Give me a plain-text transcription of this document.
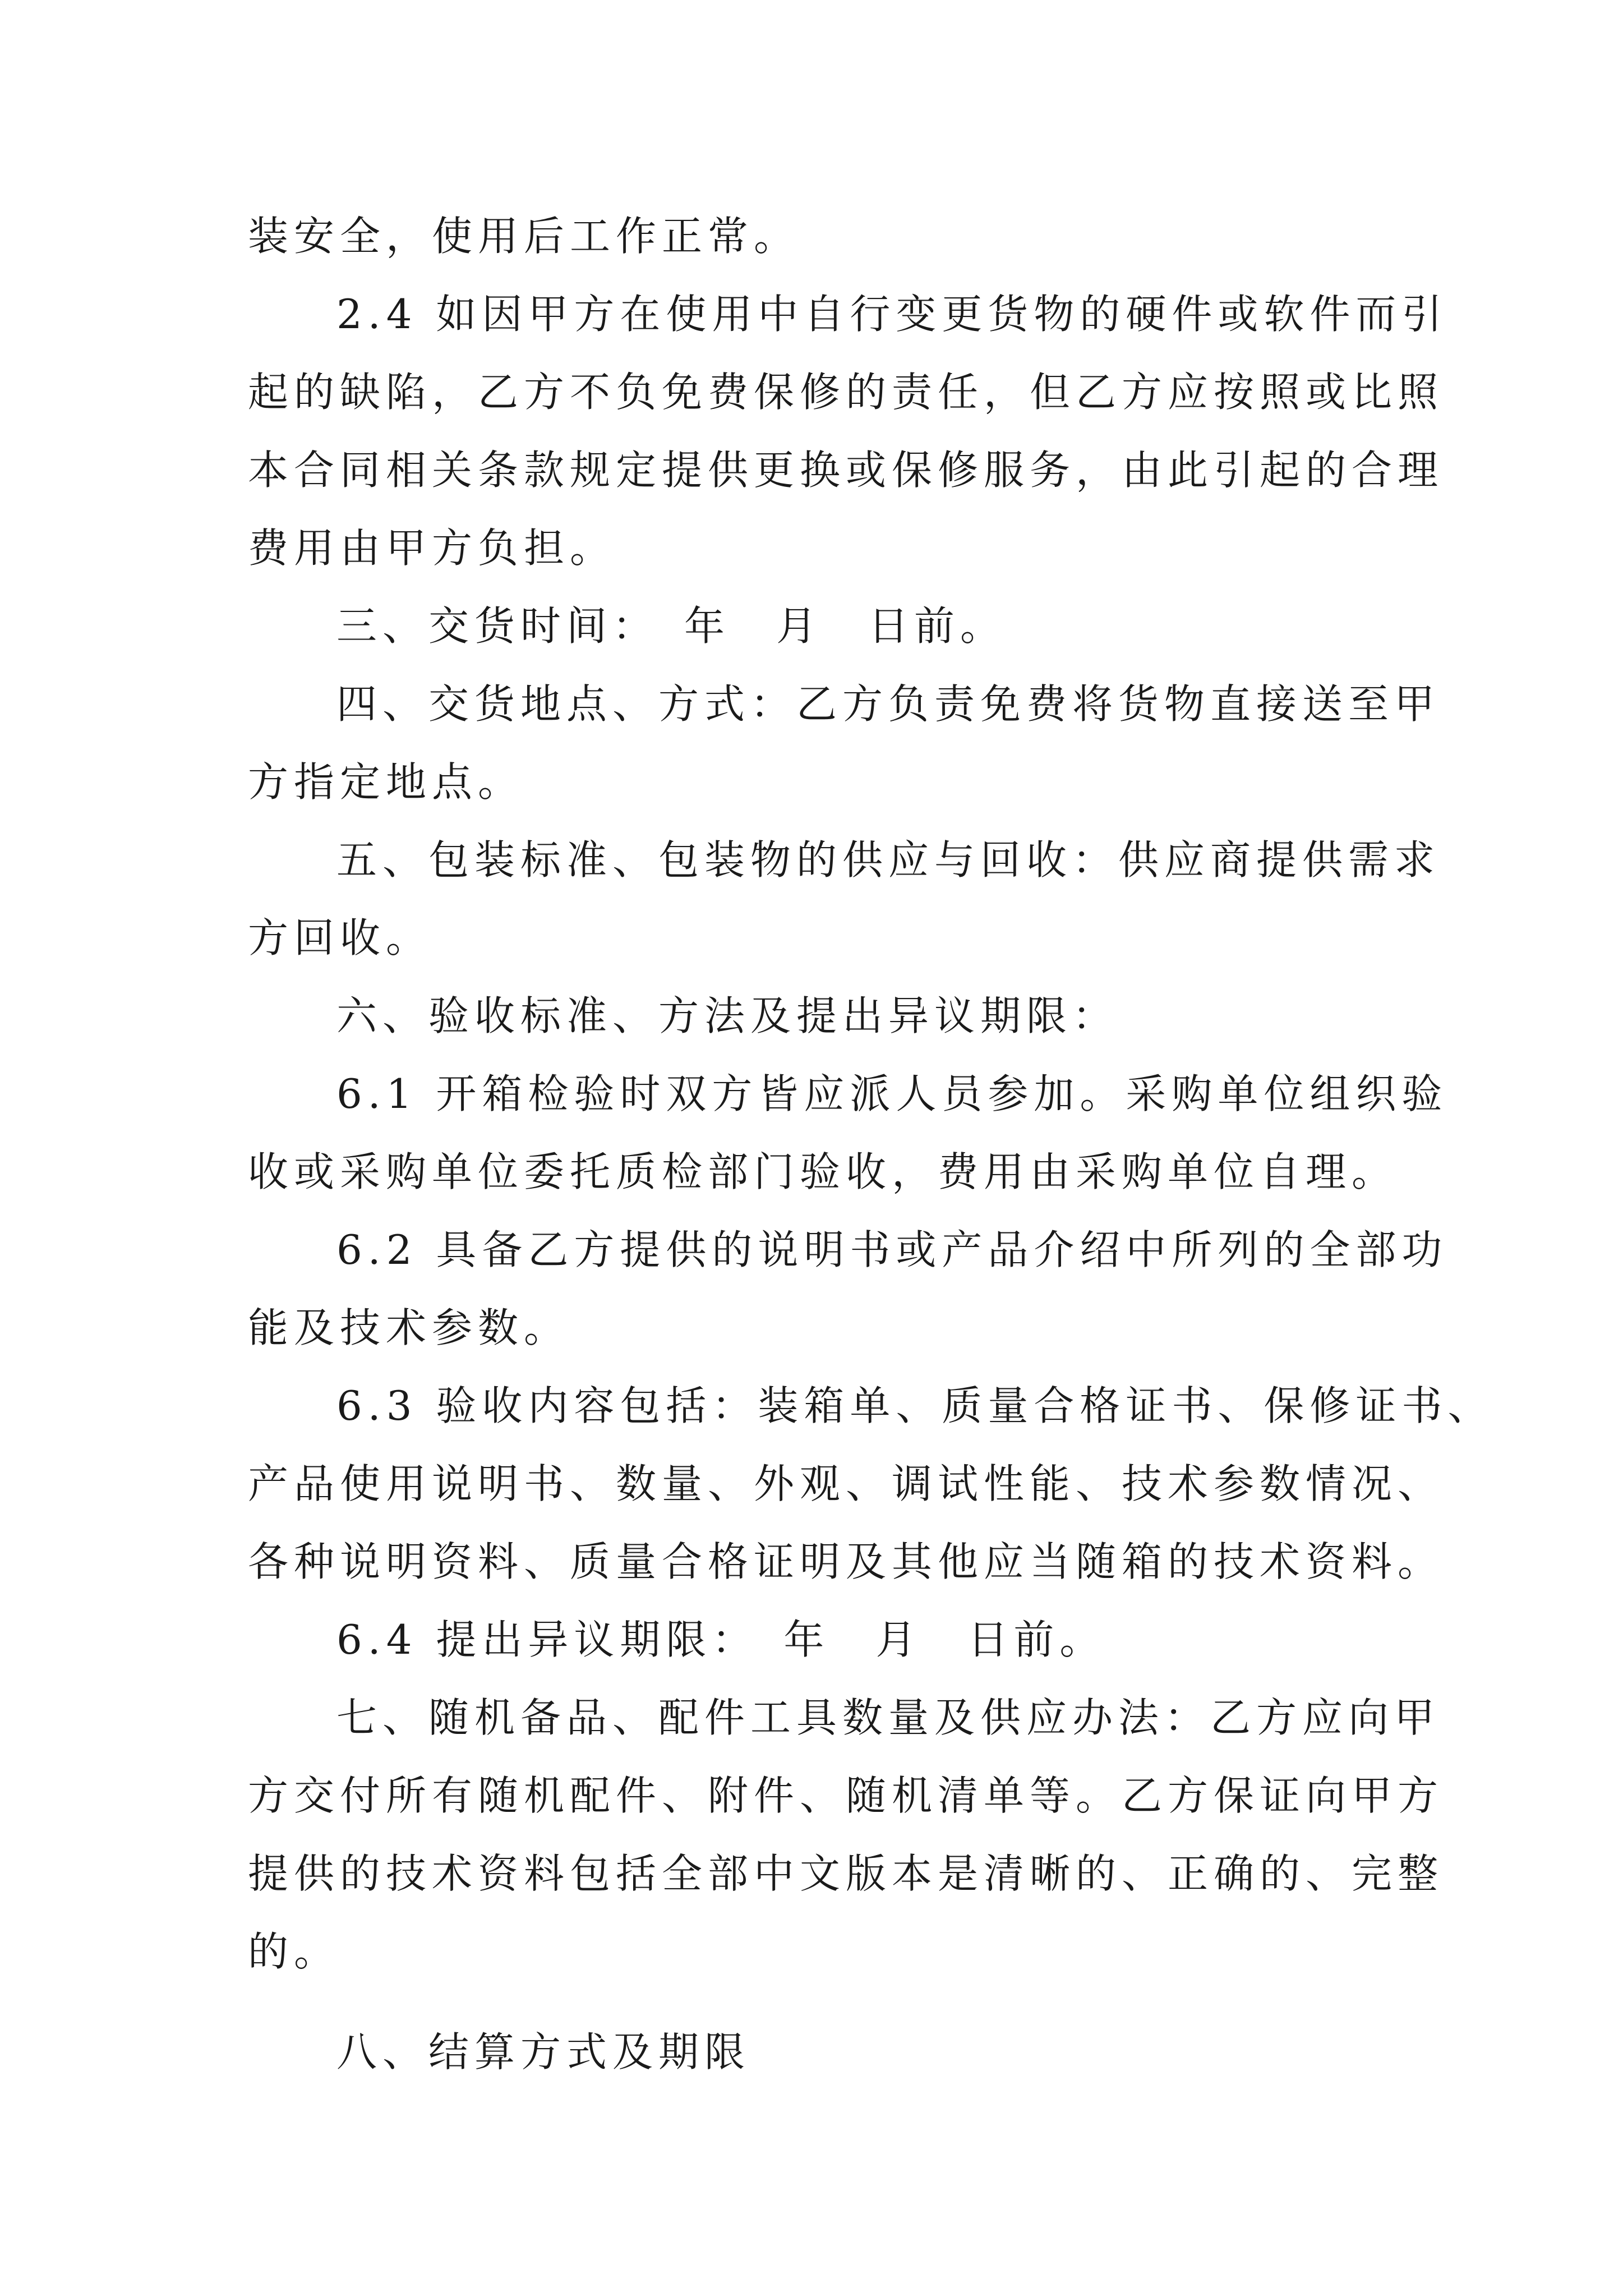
装安全，使用后工作正常。
2.4 如因甲方在使用中自行变更货物的硬件或软件而引
起的缺陷，乙方不负免费保修的责任，但乙方应按照或比照
本合同相关条款规定提供更换或保修服务，由此引起的合理
费用由甲方负担。
三、交货时间：　年　月　日前。
四、交货地点、方式：乙方负责免费将货物直接送至甲
方指定地点。
五、包装标准、包装物的供应与回收：供应商提供需求
方回收。
六、验收标准、方法及提出异议期限：
6.1 开箱检验时双方皆应派人员参加。采购单位组织验
收或采购单位委托质检部门验收，费用由采购单位自理。
6.2 具备乙方提供的说明书或产品介绍中所列的全部功
能及技术参数。
6.3 验收内容包括：装箱单、质量合格证书、保修证书、
产品使用说明书、数量、外观、调试性能、技术参数情况、
各种说明资料、质量合格证明及其他应当随箱的技术资料。
6.4 提出异议期限：　年　月　日前。
七、随机备品、配件工具数量及供应办法：乙方应向甲
方交付所有随机配件、附件、随机清单等。乙方保证向甲方
提供的技术资料包括全部中文版本是清晰的、正确的、完整
的。
八、结算方式及期限
